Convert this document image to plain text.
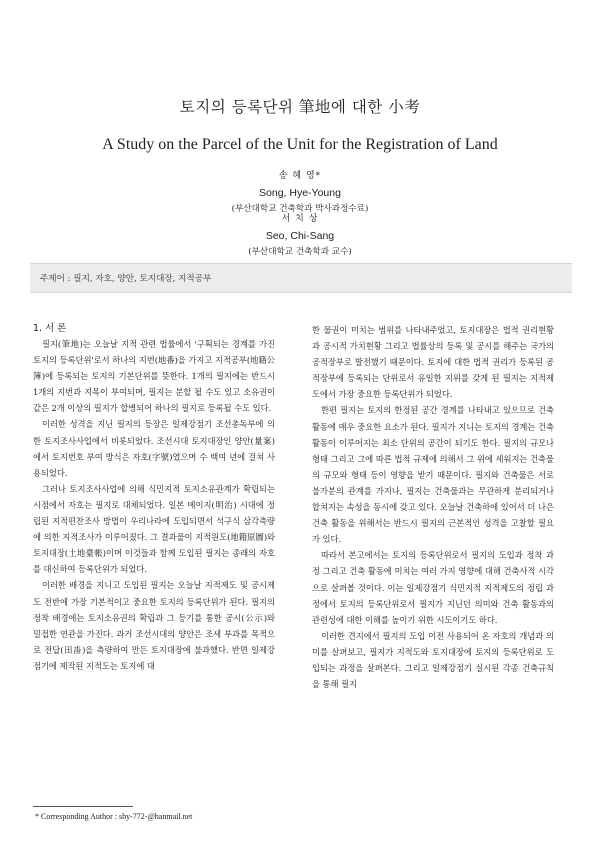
토지의 등록단위 筆地에 대한 小考
A Study on the Parcel of the Unit for the Registration of Land
송 혜 영*
Song, Hye-Young
(부산대학교 건축학과 박사과정수료)
서 치 상
Seo, Chi-Sang
(부산대학교 건축학과 교수)
주제어 : 필지, 자호, 양안, 토지대장, 지적공부
1. 서 론

필지(筆地)는 오늘날 지적 관련 법률에서 '구획되는 경계를 가진 토지의 등록단위'로서 하나의 지번(地番)을 가지고 지적공부(地籍公簿)에 등록되는 토지의 기본단위를 뜻한다. 1개의 필지에는 반드시 1개의 지번과 지목이 부여되며, 필지는 분할 될 수도 있고 소유권이 같은 2개 이상의 필지가 합병되어 하나의 필지로 등록될 수도 있다.

이러한 성격을 지닌 필지의 등장은 일제강점기 조선총독부에 의한 토지조사사업에서 비롯되었다. 조선시대 토지대장인 양안(量案)에서 토지번호 부여 방식은 자호(字號)였으며 수 백여 년에 걸쳐 사용되었다.

그러나 토지조사사업에 의해 식민지적 토지소유관계가 확립되는 시점에서 자호는 필지로 대체되었다. 일본 메이지(明治) 시대에 정립된 지적편찬조사 방법이 우리나라에 도입되면서 석구식 삼각측량에 의한 지적조사가 이루어졌다. 그 결과물이 지적원도(地籍原圖)와 토지대장(土地臺帳)이며 이것들과 함께 도입된 필지는 종래의 자호를 대신하여 등록단위가 되었다.

이러한 배경을 지니고 도입된 필지는 오늘날 지적제도 및 공시제도 전반에 가장 기본적이고 중요한 토지의 등록단위가 된다. 필지의 정착 배경에는 토지소유권의 확립과 그 등기를 통한 공시(公示)와 밀접한 연관을 가진다. 과거 조선시대의 양안은 조세 부과를 목적으로 전답(田畓)을 측량하여 만든 토지대장에 불과했다. 반면 일제강점기에 제작된 지적도는 토지에 대

한 물권이 미치는 범위를 나타내주었고, 토지대장은 법적 권리현황과 공시적 가치현황 그리고 법률상의 등록 및 공시를 해주는 국가의 공적장부로 발전했기 때문이다. 토지에 대한 법적 권리가 등록된 공적장부에 등록되는 단위로서 유일한 지위를 갖게 된 필지는 지적제도에서 가장 중요한 등록단위가 되었다.

한편 필지는 토지의 한정된 공간 경계를 나타내고 있으므로 건축 활동에 매우 중요한 요소가 된다. 필지가 지니는 토지의 경계는 건축 활동이 이루어지는 최소 단위의 공간이 되기도 한다. 필지의 규모나 형태 그리고 그에 따른 법적 규제에 의해서 그 위에 세워지는 건축물의 규모와 형태 등이 영향을 받기 때문이다. 필지와 건축물은 서로 불가분의 관계를 가지나, 필지는 건축물과는 무관하게 분리되거나 합쳐지는 속성을 동시에 갖고 있다. 오늘날 건축하에 있어서 더 나은 건축 활동을 위해서는 반드시 필지의 근본적인 성격을 고찰할 필요가 있다.

따라서 본고에서는 토지의 등록단위로서 필지의 도입과 정착 과정 그리고 건축 활동에 미치는 여러 가지 영향에 대해 건축사적 시각으로 살펴볼 것이다. 이는 일제강점기 식민지적 지적제도의 정립 과정에서 토지의 등록단위로서 필지가 지닌던 의미와 건축 활동과의 관련성에 대한 이해를 높이기 위한 시도이기도 하다.

이러한 견지에서 필지의 도입 이전 사용되어 온 자호의 개념과 의미를 살펴보고, 필지가 지적도와 토지대장에 토지의 등록단위로 도입되는 과정을 살펴본다. 그리고 일제강점기 실시된 각종 건축규칙을 통해 필지

* Corresponding Author : shy-772-@hanmail.net
